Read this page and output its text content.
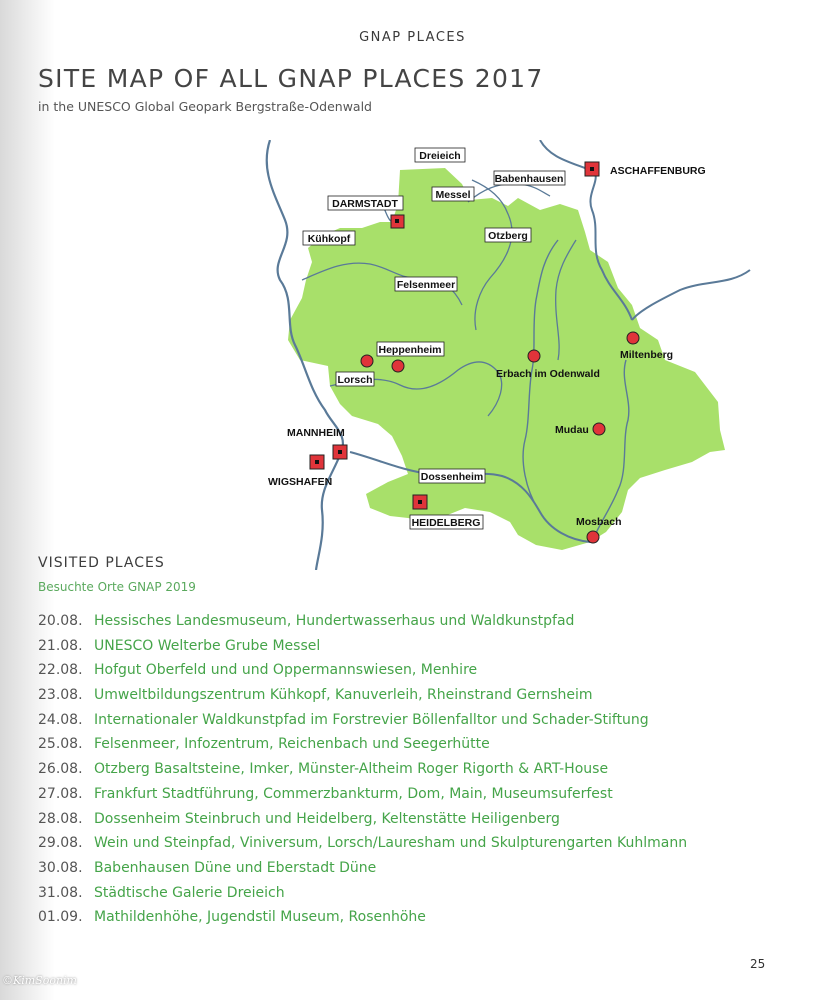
GNAP PLACES
SITE MAP OF ALL GNAP PLACES 2017
in the UNESCO Global Geopark Bergstraße-Odenwald
Dreieich
Babenhausen
ASCHAFFENBURG
DARMSTADT
Messel
Kühkopf	Otzberg
Felsenmeer
Heppenheim
Lorsch
Miltenberg
Erbach im Odenwald
Mudau
MANNHEIM
WIGSHAFEN	Dossenheim
HEIDELBERG	Mosbach
VISITED PLACES
Besuchte Orte GNAP 2019
20.08. Hessisches Landesmuseum, Hundertwasserhaus und Waldkunstpfad
21.08. UNESCO Welterbe Grube Messel
22.08. Hofgut Oberfeld und und Oppermannswiesen, Menhire
23.08. Umweltbildungszentrum Kühkopf, Kanuverleih, Rheinstrand Gernsheim
24.08. Internationaler Waldkunstpfad im Forstrevier Böllenfalltor und Schader-Stiftung
25.08. Felsenmeer, Infozentrum, Reichenbach und Seegerhütte
26.08. Otzberg Basaltsteine, Imker, Münster-Altheim Roger Rigorth & ART-House
27.08. Frankfurt Stadtführung, Commerzbankturm, Dom, Main, Museumsuferfest
28.08. Dossenheim Steinbruch und Heidelberg, Keltenstätte Heiligenberg
29.08. Wein und Steinpfad, Viniversum, Lorsch/Lauresham und Skulpturengarten Kuhlmann
30.08. Babenhausen Düne und Eberstadt Düne
31.08. Städtische Galerie Dreieich
01.09. Mathildenhöhe, Jugendstil Museum, Rosenhöhe
25
©KimSoonim
